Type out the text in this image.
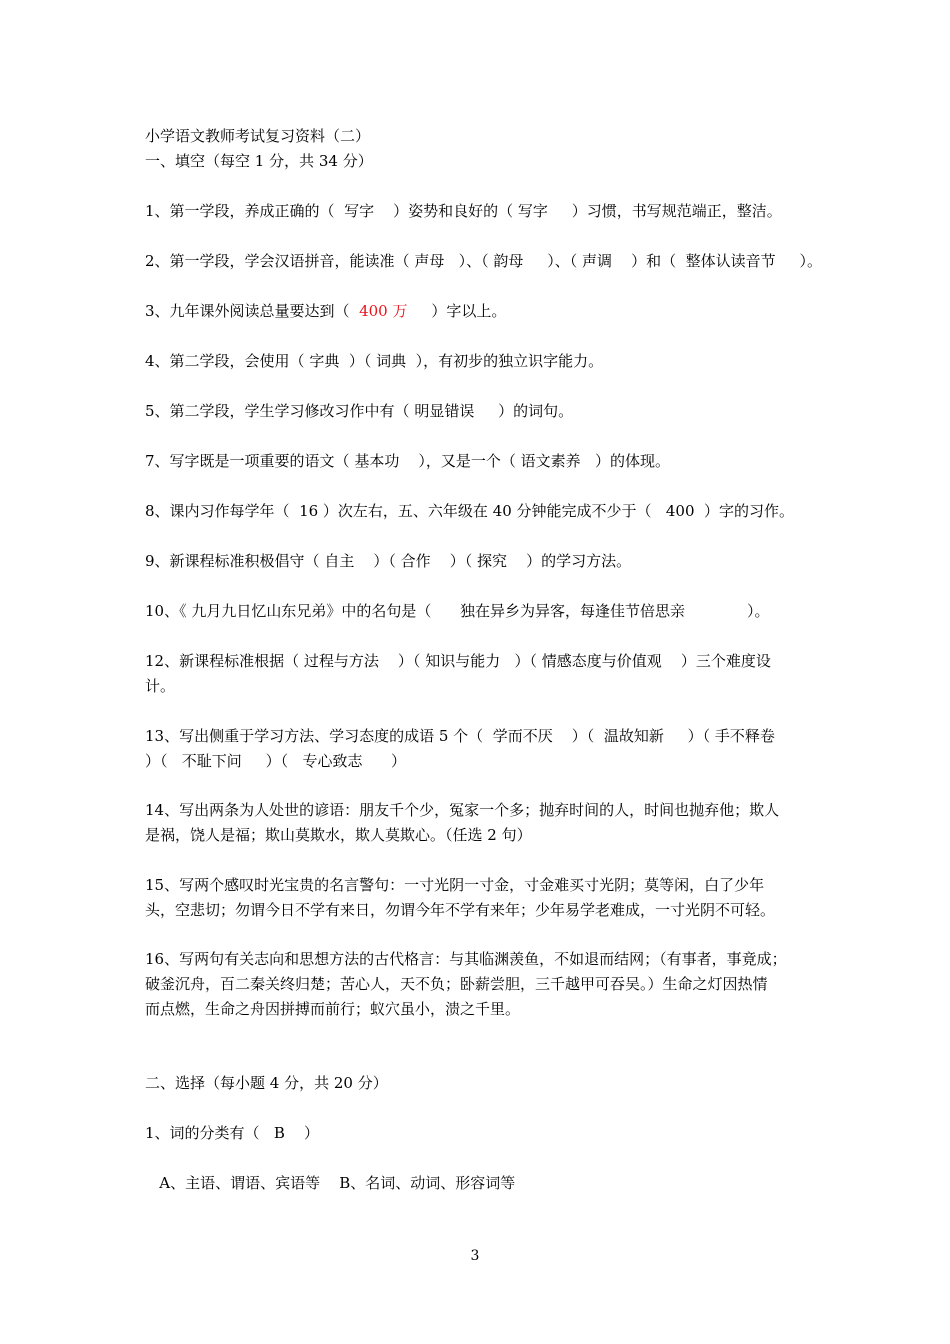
小学语文教师考试复习资料（二）

一、填空（每空 1 分，共 34 分）

1、第一学段，养成正确的（  写字    ）姿势和良好的（ 写字     ）习惯，书写规范端正，整洁。

2、第一学段，学会汉语拼音，能读准（ 声母   ）、（ 韵母     ）、（ 声调    ）和（  整体认读音节     ）。

3、九年课外阅读总量要达到（  400 万     ）字以上。

4、第二学段，会使用（ 字典  ）（ 词典  ），有初步的独立识字能力。

5、第二学段，学生学习修改习作中有（ 明显错误     ）的词句。

7、写字既是一项重要的语文（ 基本功    ），又是一个（ 语文素养   ）的体现。

8、课内习作每学年（  16 ）次左右，五、六年级在 40 分钟能完成不少于（   400  ）字的习作。

9、新课程标准积极倡守（ 自主    ）（ 合作    ）（ 探究    ）的学习方法。

10、《 九月九日忆山东兄弟》中的名句是（      独在异乡为异客，每逢佳节倍思亲             ）。

12、新课程标准根据（ 过程与方法    ）（ 知识与能力   ）（ 情感态度与价值观    ）三个难度设

计。

13、写出侧重于学习方法、学习态度的成语 5 个（  学而不厌    ）（  温故知新     ）（ 手不释卷

）（   不耻下问     ）（   专心致志      ）

14、写出两条为人处世的谚语：朋友千个少，冤家一个多；抛弃时间的人，时间也抛弃他；欺人

是祸，饶人是福；欺山莫欺水，欺人莫欺心。（任选 2 句）

15、写两个感叹时光宝贵的名言警句：一寸光阴一寸金，寸金难买寸光阴；莫等闲，白了少年

头，空悲切；勿谓今日不学有来日，勿谓今年不学有来年；少年易学老难成，一寸光阴不可轻。

16、写两句有关志向和思想方法的古代格言：与其临渊羡鱼，不如退而结网；（有事者，事竟成；

破釜沉舟，百二秦关终归楚；苦心人，天不负；卧薪尝胆，三千越甲可吞吴。）生命之灯因热情

而点燃，生命之舟因拼搏而前行；蚁穴虽小，溃之千里。

二、选择（每小题 4 分，共 20 分）

1、词的分类有（   B    ）

A、主语、谓语、宾语等    B、名词、动词、形容词等

3
